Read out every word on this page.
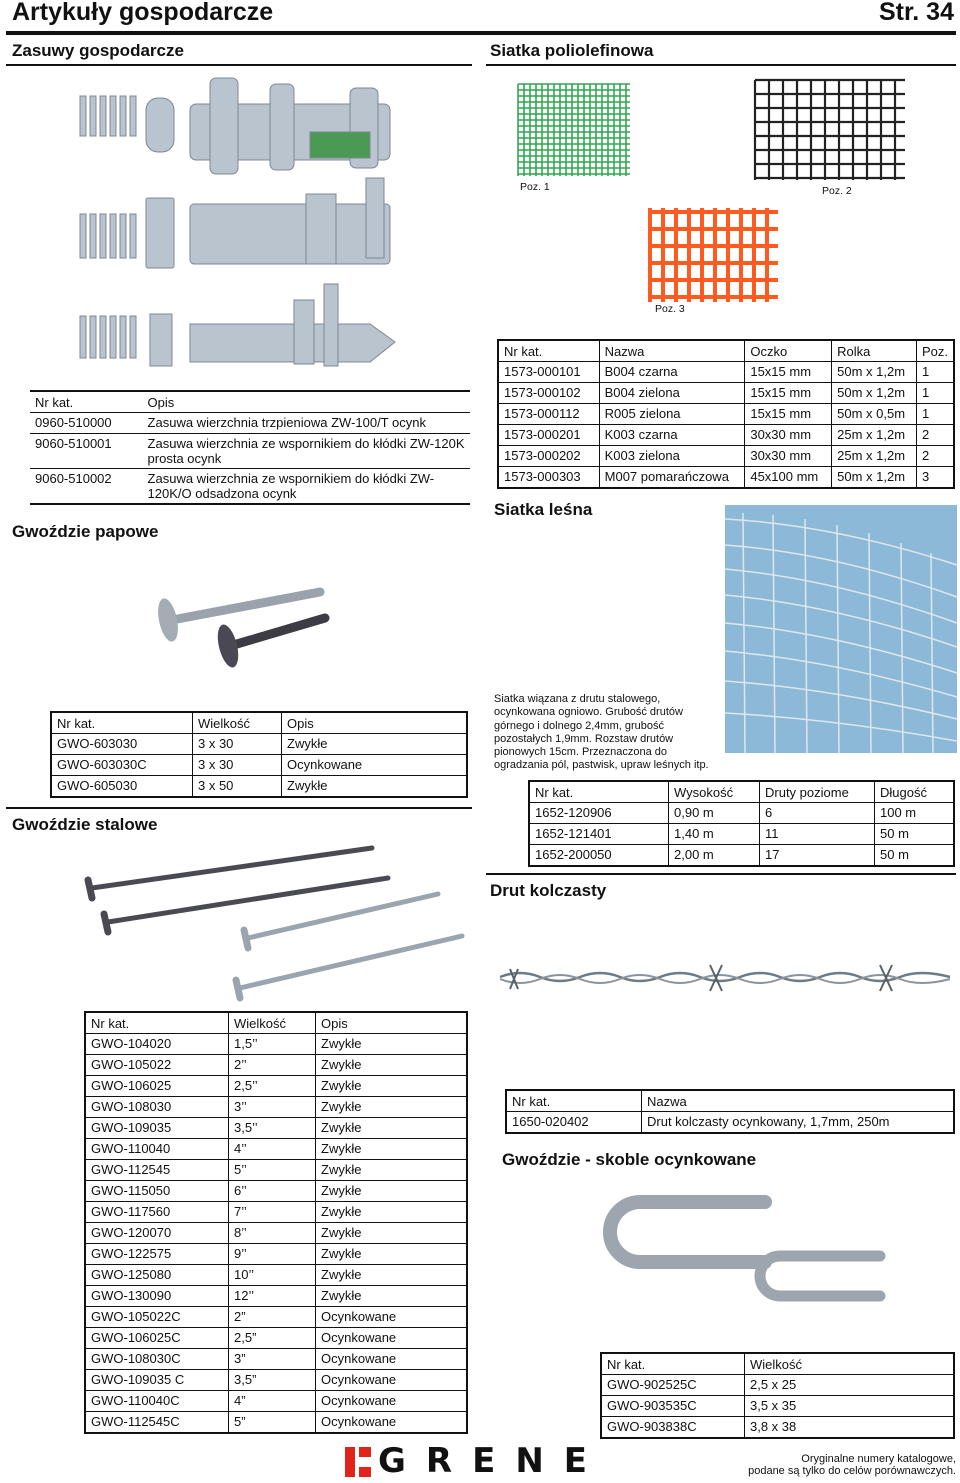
Artykuły gospodarcze	Str. 34
Zasuwy gospodarcze
Nr kat.	Opis
0960-510000	Zasuwa wierzchnia trzpieniowa ZW-100/T ocynk
9060-510001	Zasuwa wierzchnia ze wspornikiem do kłódki ZW-120K prosta ocynk
9060-510002	Zasuwa wierzchnia ze wspornikiem do kłódki ZW-120K/O odsadzona ocynk
Gwoździe papowe
Nr kat.	Wielkość	Opis
GWO-603030	3 x 30	Zwykłe
GWO-603030C	3 x 30	Ocynkowane
GWO-605030	3 x 50	Zwykłe
Gwoździe stalowe
Nr kat.	Wielkość	Opis
GWO-104020	1,5’’	Zwykłe
GWO-105022	2’’	Zwykłe
GWO-106025	2,5’’	Zwykłe
GWO-108030	3’’	Zwykłe
GWO-109035	3,5’’	Zwykłe
GWO-110040	4’’	Zwykłe
GWO-112545	5’’	Zwykłe
GWO-115050	6’’	Zwykłe
GWO-117560	7’’	Zwykłe
GWO-120070	8’’	Zwykłe
GWO-122575	9’’	Zwykłe
GWO-125080	10’’	Zwykłe
GWO-130090	12’’	Zwykłe
GWO-105022C	2”	Ocynkowane
GWO-106025C	2,5”	Ocynkowane
GWO-108030C	3”	Ocynkowane
GWO-109035 C	3,5”	Ocynkowane
GWO-110040C	4”	Ocynkowane
GWO-112545C	5”	Ocynkowane
Siatka poliolefinowa
Poz. 1	Poz. 2
Poz. 3
Nr kat.	Nazwa	Oczko	Rolka	Poz.
1573-000101	B004 czarna	15x15 mm	50m x 1,2m	1
1573-000102	B004 zielona	15x15 mm	50m x 1,2m	1
1573-000112	R005 zielona	15x15 mm	50m x 0,5m	1
1573-000201	K003 czarna	30x30 mm	25m x 1,2m	2
1573-000202	K003 zielona	30x30 mm	25m x 1,2m	2
1573-000303	M007 pomarańczowa	45x100 mm	50m x 1,2m	3
Siatka leśna
Siatka wiązana z drutu stalowego, ocynkowana ogniowo. Grubość drutów górnego i dolnego 2,4mm, grubość pozostałych 1,9mm. Rozstaw drutów pionowych 15cm. Przeznaczona do ogradzania pól, pastwisk, upraw leśnych itp.
Nr kat.	Wysokość	Druty poziome	Długość
1652-120906	0,90 m	6	100 m
1652-121401	1,40 m	11	50 m
1652-200050	2,00 m	17	50 m
Drut kolczasty
Nr kat.	Nazwa
1650-020402	Drut kolczasty ocynkowany, 1,7mm, 250m
Gwoździe - skoble ocynkowane
Nr kat.	Wielkość
GWO-902525C	2,5 x 25
GWO-903535C	3,5 x 35
GWO-903838C	3,8 x 38
GRENE	Oryginalne numery katalogowe,
podane są tylko do celów porównawczych.
